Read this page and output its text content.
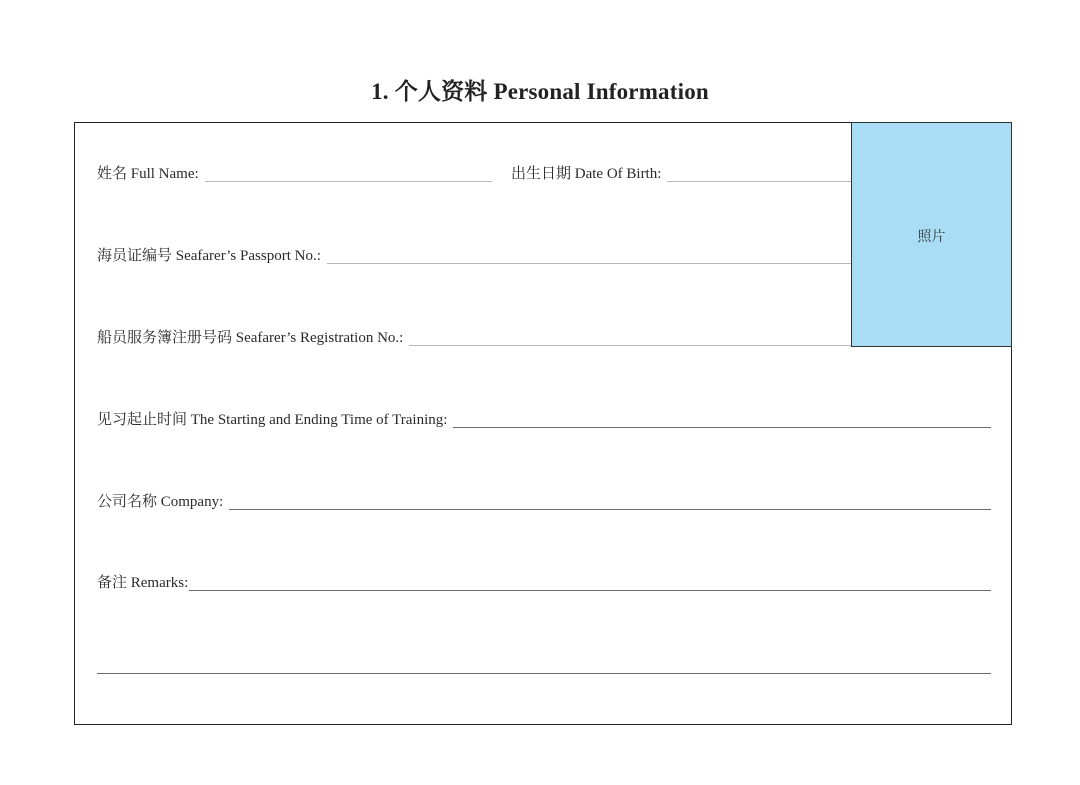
1. 个人资料 Personal Information
照片
姓名 Full Name:	出生日期 Date Of Birth:
海员证编号 Seafarer’s Passport No.:
船员服务簿注册号码 Seafarer’s Registration No.:
见习起止时间 The Starting and Ending Time of Training:
公司名称 Company:
备注 Remarks:
